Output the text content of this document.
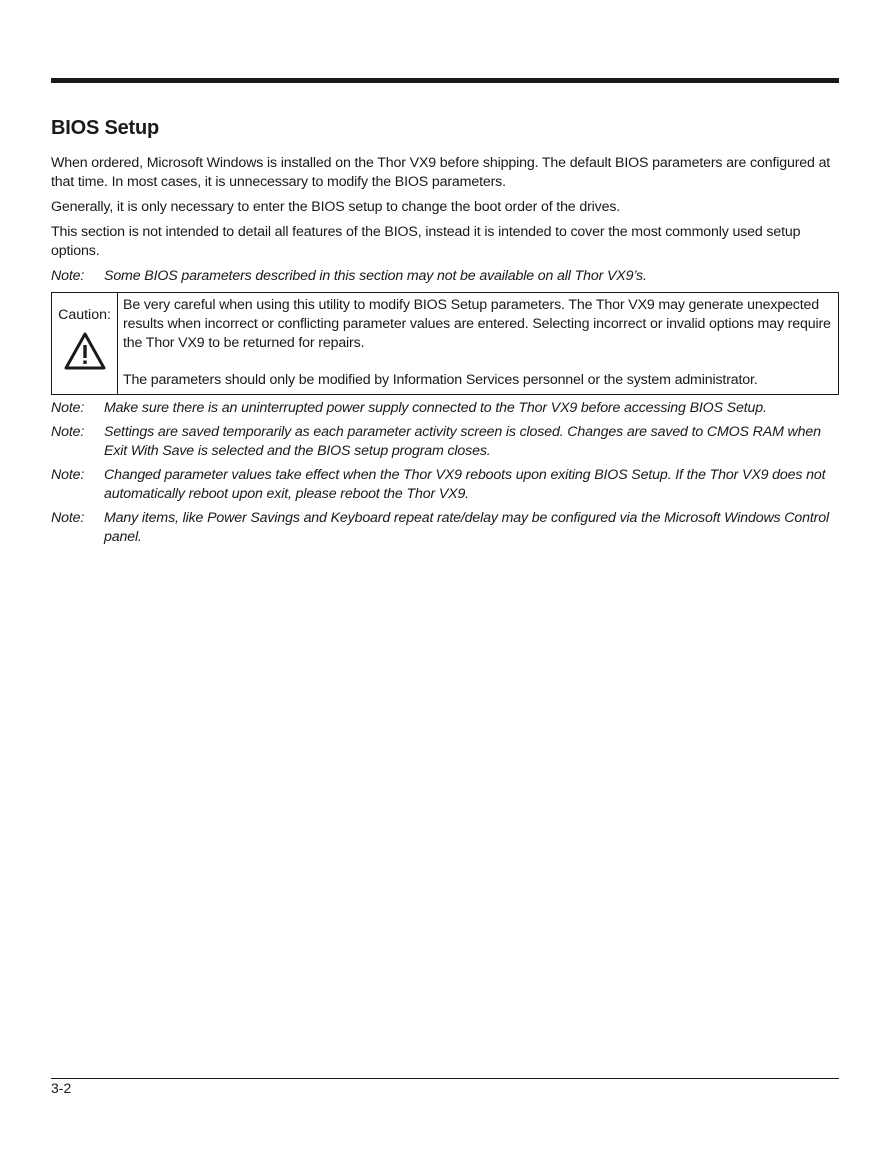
BIOS Setup

When ordered, Microsoft Windows is installed on the Thor VX9 before shipping. The default BIOS parameters are configured at that time. In most cases, it is unnecessary to modify the BIOS parameters.

Generally, it is only necessary to enter the BIOS setup to change the boot order of the drives.

This section is not intended to detail all features of the BIOS, instead it is intended to cover the most commonly used setup options.

Note:	Some BIOS parameters described in this section may not be available on all Thor VX9’s.
Caution:

Be very careful when using this utility to modify BIOS Setup parameters. The Thor VX9 may generate unexpected results when incorrect or conflicting parameter values are entered. Selecting incorrect or invalid options may require the Thor VX9 to be returned for repairs.

The parameters should only be modified by Information Services personnel or the system administrator.

Note:	Make sure there is an uninterrupted power supply connected to the Thor VX9 before accessing BIOS Setup.
Note:	Settings are saved temporarily as each parameter activity screen is closed. Changes are saved to CMOS RAM when Exit With Save is selected and the BIOS setup program closes.
Note:	Changed parameter values take effect when the Thor VX9 reboots upon exiting BIOS Setup. If the Thor VX9 does not automatically reboot upon exit, please reboot the Thor VX9.
Note:	Many items, like Power Savings and Keyboard repeat rate/delay may be configured via the Microsoft Windows Control panel.
3-2
